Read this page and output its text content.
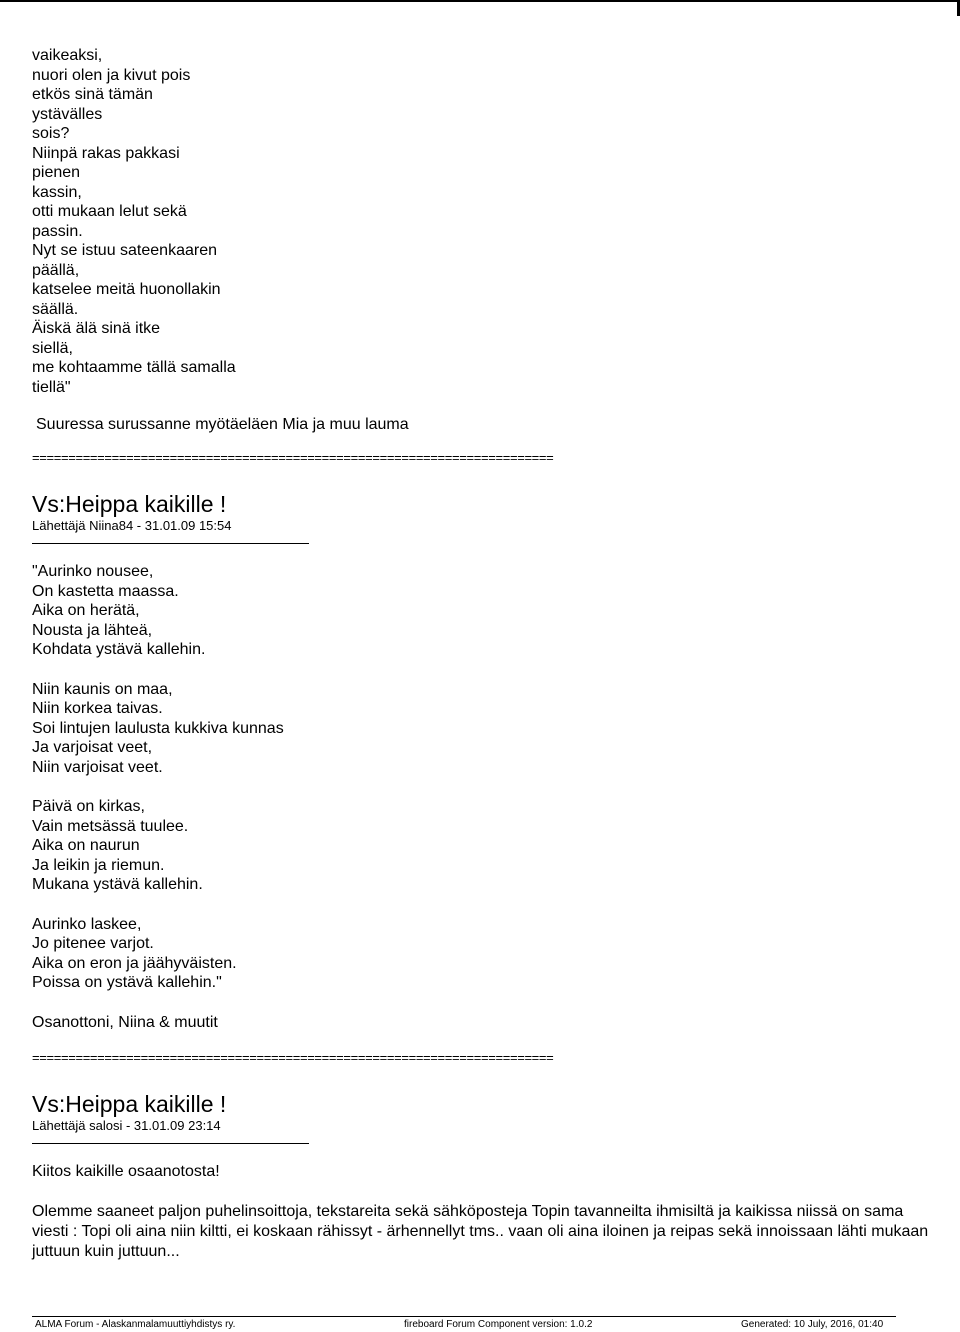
vaikeaksi,
nuori olen ja kivut pois
etkös sinä tämän
ystävälles
sois?
Niinpä rakas pakkasi
pienen
kassin,
otti mukaan lelut sekä
passin.
Nyt se istuu sateenkaaren
päällä,
katselee meitä huonollakin
säällä.
Äiskä älä sinä itke
siellä,
me kohtaamme tällä samalla
tiellä"
Suuressa surussanne myötäeläen Mia ja muu lauma
========================================================================
Vs:Heippa kaikille !
Lähettäjä Niina84 - 31.01.09 15:54
"Aurinko nousee,
On kastetta maassa.
Aika on herätä,
Nousta ja lähteä,
Kohdata ystävä kallehin.
Niin kaunis on maa,
Niin korkea taivas.
Soi lintujen laulusta kukkiva kunnas
Ja varjoisat veet,
Niin varjoisat veet.
Päivä on kirkas,
Vain metsässä tuulee.
Aika on naurun
Ja leikin ja riemun.
Mukana ystävä kallehin.
Aurinko laskee,
Jo pitenee varjot.
Aika on eron ja jäähyväisten.
Poissa on ystävä kallehin."
Osanottoni, Niina & muutit
========================================================================
Vs:Heippa kaikille !
Lähettäjä salosi - 31.01.09 23:14
Kiitos kaikille osaanotosta!
Olemme saaneet paljon puhelinsoittoja, tekstareita sekä sähköposteja Topin tavanneilta ihmisiltä ja kaikissa niissä on sama viesti : Topi oli aina niin kiltti, ei koskaan rähissyt - ärhennellyt tms.. vaan oli aina iloinen ja reipas sekä innoissaan lähti mukaan juttuun kuin juttuun...
ALMA Forum - Alaskanmalamuuttiyhdistys ry.	fireboard Forum Component version: 1.0.2	Generated: 10 July, 2016, 01:40
